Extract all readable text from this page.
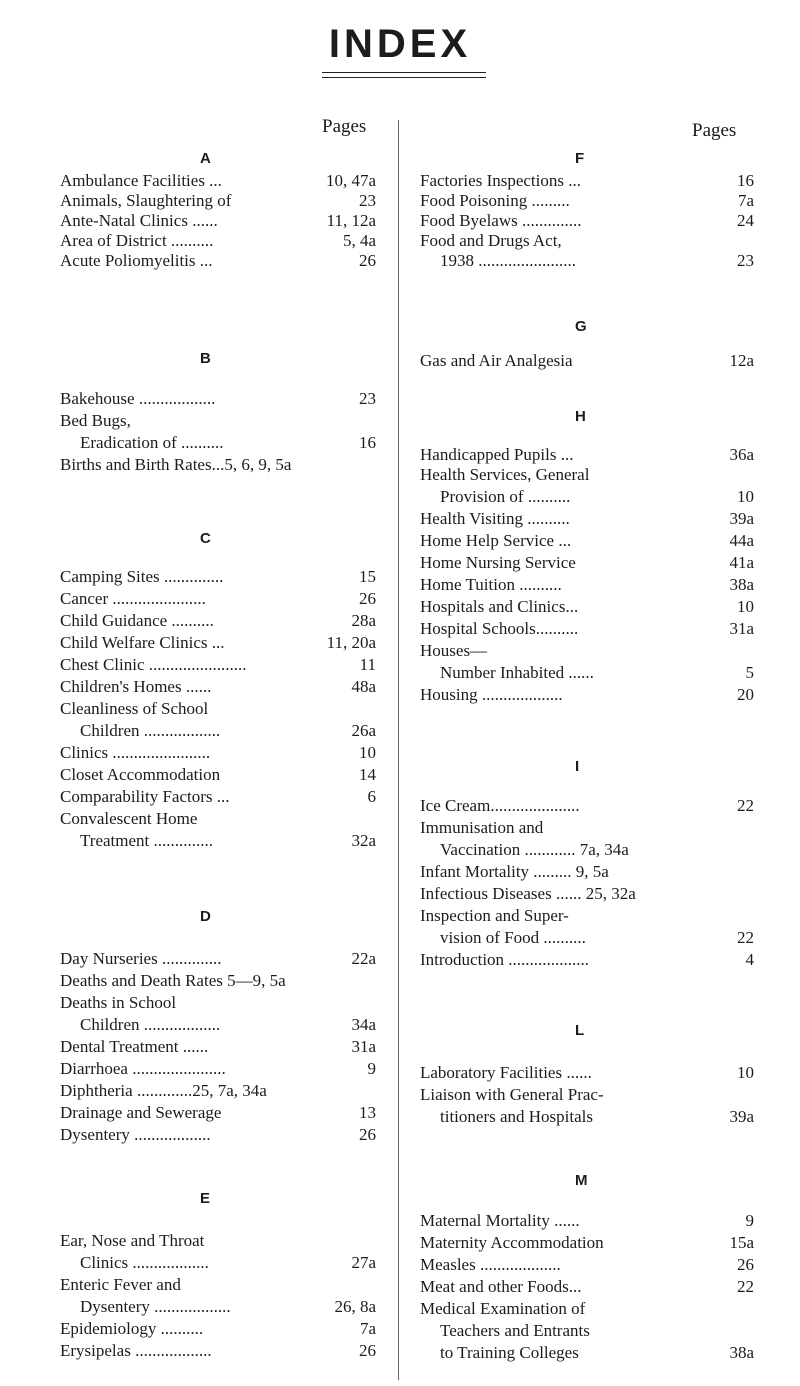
INDEX
Pages	Pages
A
Ambulance Facilities ...	10, 47a
Animals, Slaughtering of	23
Ante-Natal Clinics ......	11, 12a
Area of District ..........	5, 4a
Acute Poliomyelitis ...	26
B
Bakehouse ..................	23
Bed Bugs,
Eradication of ..........	16
Births and Birth Rates...5, 6, 9, 5a
C
Camping Sites ..............	15
Cancer ......................	26
Child Guidance ..........	28a
Child Welfare Clinics ...	11, 20a
Chest Clinic .......................	11
Children's Homes ......	48a
Cleanliness of School
Children ..................	26a
Clinics .......................	10
Closet Accommodation	14
Comparability Factors ...	6
Convalescent Home
Treatment ..............	32a
D
Day Nurseries ..............	22a
Deaths and Death Rates 5—9, 5a
Deaths in School
Children ..................	34a
Dental Treatment ......	31a
Diarrhoea ......................	9
Diphtheria .............25, 7a, 34a
Drainage and Sewerage	13
Dysentery ..................	26
E
Ear, Nose and Throat
Clinics ..................	27a
Enteric Fever and
Dysentery ..................	26, 8a
Epidemiology ..........	7a
Erysipelas ..................	26
F
Factories Inspections ...	16
Food Poisoning .........	7a
Food Byelaws ..............	24
Food and Drugs Act,
1938 .......................	23
G
Gas and Air Analgesia	12a
H
Handicapped Pupils ...	36a
Health Services, General
Provision of ..........	10
Health Visiting ..........	39a
Home Help Service ...	44a
Home Nursing Service	41a
Home Tuition ..........	38a
Hospitals and Clinics...	10
Hospital Schools..........	31a
Houses—
Number Inhabited ......	5
Housing ...................	20
I
Ice Cream.....................	22
Immunisation and
Vaccination ............ 7a, 34a
Infant Mortality ......... 9, 5a
Infectious Diseases ...... 25, 32a
Inspection and Super-
vision of Food ..........	22
Introduction ...................	4
L
Laboratory Facilities ......	10
Liaison with General Prac-
titioners and Hospitals	39a
M
Maternal Mortality ......	9
Maternity Accommodation	15a
Measles ...................	26
Meat and other Foods...	22
Medical Examination of
Teachers and Entrants
to Training Colleges	38a
